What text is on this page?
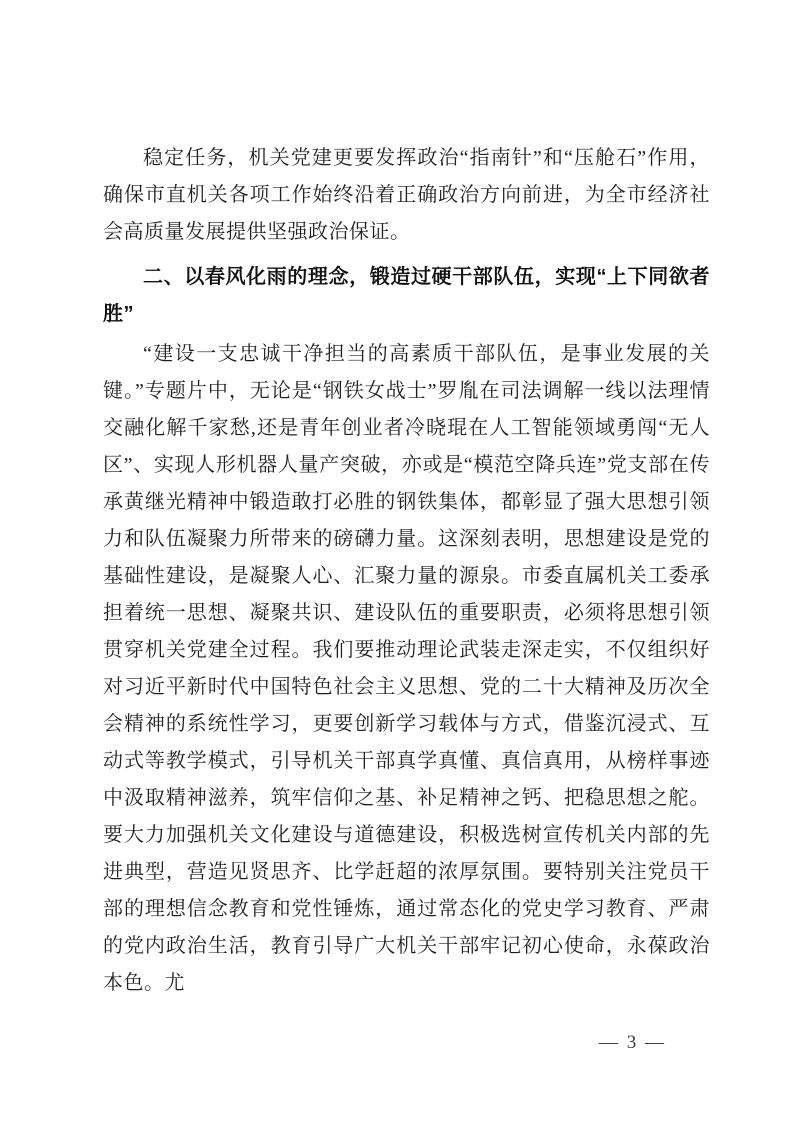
稳定任务，机关党建更要发挥政治“指南针”和“压舱石”作用，确保市直机关各项工作始终沿着正确政治方向前进，为全市经济社会高质量发展提供坚强政治保证。

二、以春风化雨的理念，锻造过硬干部队伍，实现“上下同欲者胜”

“建设一支忠诚干净担当的高素质干部队伍，是事业发展的关键。”专题片中，无论是“钢铁女战士”罗胤在司法调解一线以法理情交融化解千家愁,还是青年创业者冷晓琨在人工智能领域勇闯“无人区”、实现人形机器人量产突破，亦或是“模范空降兵连”党支部在传承黄继光精神中锻造敢打必胜的钢铁集体，都彰显了强大思想引领力和队伍凝聚力所带来的磅礴力量。这深刻表明，思想建设是党的基础性建设，是凝聚人心、汇聚力量的源泉。市委直属机关工委承担着统一思想、凝聚共识、建设队伍的重要职责，必须将思想引领贯穿机关党建全过程。我们要推动理论武装走深走实，不仅组织好对习近平新时代中国特色社会主义思想、党的二十大精神及历次全会精神的系统性学习，更要创新学习载体与方式，借鉴沉浸式、互动式等教学模式，引导机关干部真学真懂、真信真用，从榜样事迹中汲取精神滋养，筑牢信仰之基、补足精神之钙、把稳思想之舵。要大力加强机关文化建设与道德建设，积极选树宣传机关内部的先进典型，营造见贤思齐、比学赶超的浓厚氛围。要特别关注党员干部的理想信念教育和党性锤炼，通过常态化的党史学习教育、严肃的党内政治生活，教育引导广大机关干部牢记初心使命，永葆政治本色。尤

— 3 —
